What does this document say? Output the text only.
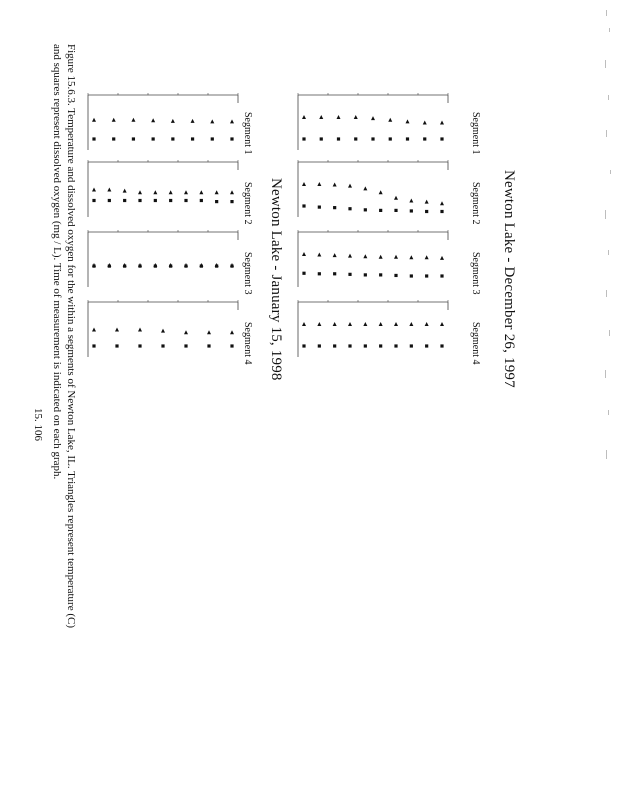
Newton Lake - December 26, 1997
Newton Lake - January 15, 1998
Figure 15.6.3. Temperature and dissolved oxygen for the within a segments of Newton Lake, IL. Triangles represent temperature (C)
and squares represent dissolved oxygen (mg / L). Time of measurement is indicated on each graph.
15. 106
Segment 1
Segment 2
Segment 3
Segment 4
Segment 1
Segment 2
Segment 3
Segment 4
